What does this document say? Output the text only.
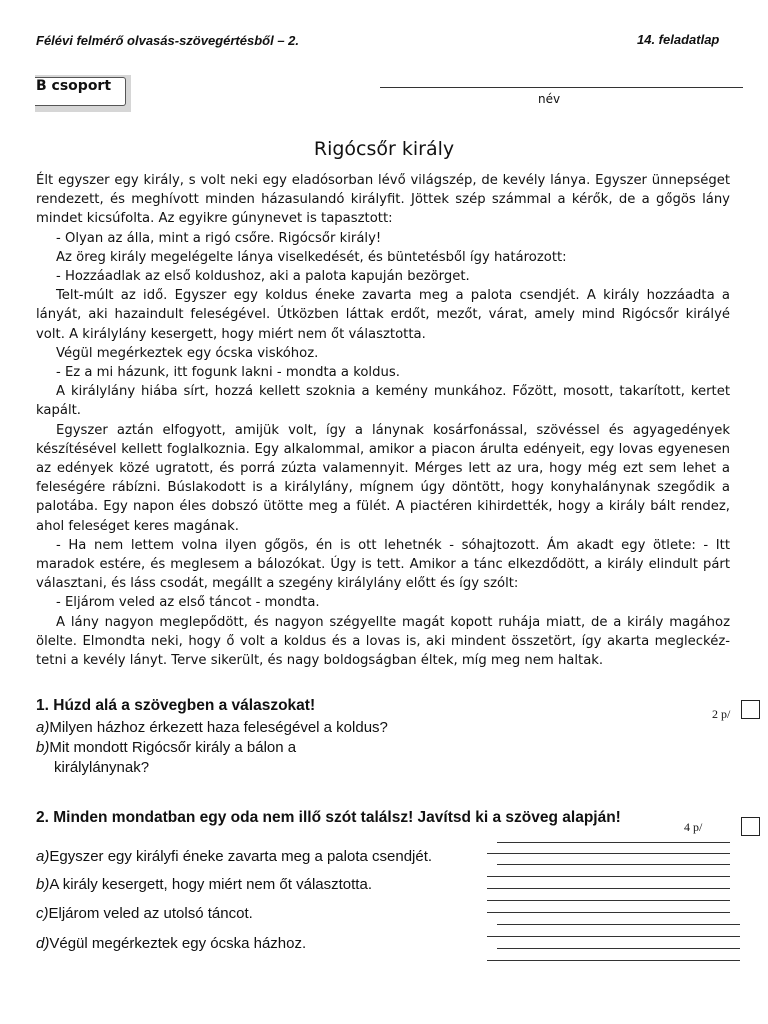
Félévi felmérő olvasás-szövegértésből – 2.	14. feladatlap
B csoport
név
Rigócsőr király

Élt egyszer egy király, s volt neki egy eladósorban lévő világszép, de kevély lánya. Egyszer ünnepséget rendezett, és meghívott minden házasulandó királyfit. Jöttek szép számmal a kérők, de a gőgös lány mindet kicsúfolta. Az egyikre gúnynevet is tapasztott:

- Olyan az álla, mint a rigó csőre. Rigócsőr király!

Az öreg király megelégelte lánya viselkedését, és büntetésből így határozott:

- Hozzáadlak az első koldushoz, aki a palota kapuján bezörget.

Telt-múlt az idő. Egyszer egy koldus éneke zavarta meg a palota csendjét. A király hozzáadta a lányát, aki hazaindult feleségével. Útközben láttak erdőt, mezőt, várat, amely mind Rigócsőr királyé volt. A királylány kesergett, hogy miért nem őt választotta.

Végül megérkeztek egy ócska viskóhoz.

- Ez a mi házunk, itt fogunk lakni - mondta a koldus.

A királylány hiába sírt, hozzá kellett szoknia a kemény munkához. Főzött, mosott, takarított, kertet kapált.

Egyszer aztán elfogyott, amijük volt, így a lánynak kosárfonással, szövéssel és agyagedények készítésével kellett foglalkoznia. Egy alkalommal, amikor a piacon árulta edényeit, egy lovas egyenesen az edények közé ugratott, és porrá zúzta valamennyit. Mérges lett az ura, hogy még ezt sem lehet a feleségére rábízni. Búslakodott is a királylány, mígnem úgy döntött, hogy konyhalánynak szegődik a palotába. Egy napon éles dobszó ütötte meg a fülét. A piactéren kihirdették, hogy a király bált rendez, ahol feleséget keres magának.

- Ha nem lettem volna ilyen gőgös, én is ott lehetnék - sóhajtozott. Ám akadt egy ötlete: - Itt maradok estére, és meglesem a bálozókat. Úgy is tett. Amikor a tánc elkezdődött, a király elindult párt választani, és láss csodát, megállt a szegény királylány előtt és így szólt:

- Eljárom veled az első táncot - mondta.

A lány nagyon meglepődött, és nagyon szégyellte magát kopott ruhája miatt, de a király magához ölelte. Elmondta neki, hogy ő volt a koldus és a lovas is, aki mindent összetört, így akarta megleckéz- tetni a kevély lányt. Terve sikerült, és nagy boldogságban éltek, míg meg nem haltak.

1. Húzd alá a szövegben a válaszokat!	2 p/
a)Milyen házhoz érkezett haza feleségével a koldus?
b)Mit mondott Rigócsőr király a bálon a
királylánynak?
2. Minden mondatban egy oda nem illő szót találsz! Javítsd ki a szöveg alapján!
4 p/
a)Egyszer egy királyfi éneke zavarta meg a palota csendjét.
b)A király kesergett, hogy miért nem őt választotta.
c)Eljárom veled az utolsó táncot.
d)Végül megérkeztek egy ócska házhoz.
